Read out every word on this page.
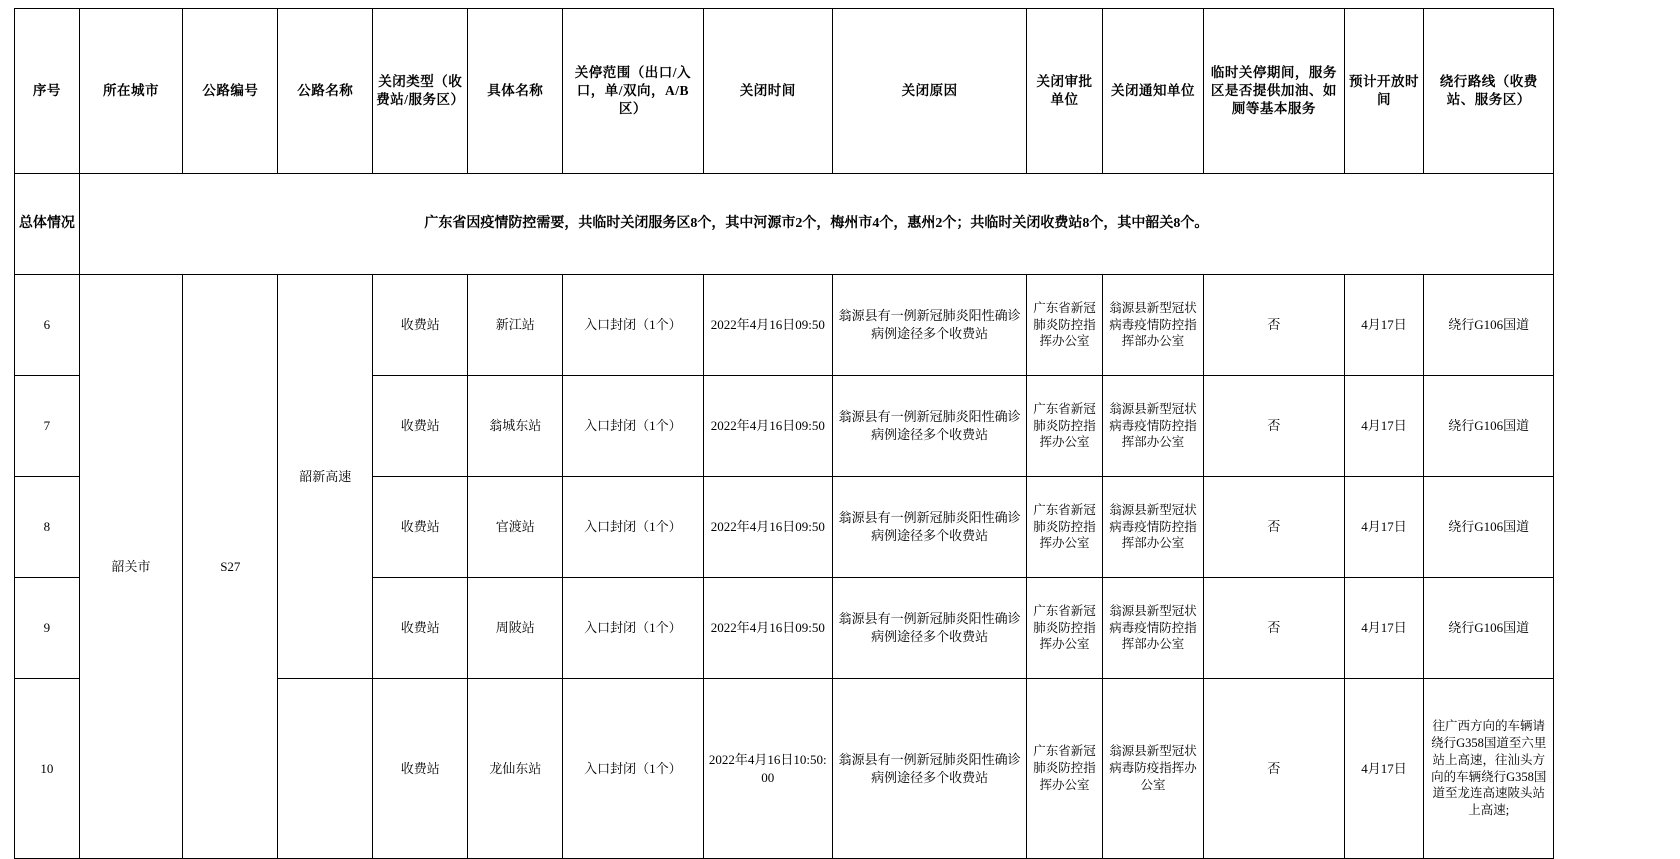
序号	所在城市	公路编号	公路名称	关闭类型（收费站/服务区）	具体名称	关停范围（出口/入口，单/双向，A/B区）	关闭时间	关闭原因	关闭审批单位	关闭通知单位	临时关停期间，服务区是否提供加油、如厕等基本服务	预计开放时间	绕行路线（收费站、服务区）
总体情况	广东省因疫情防控需要，共临时关闭服务区8个，其中河源市2个，梅州市4个，惠州2个；共临时关闭收费站8个，其中韶关8个。												
6	韶关市	S27	韶新高速	收费站	新江站	入口封闭（1个）	2022年4月16日09:50	翁源县有一例新冠肺炎阳性确诊病例途径多个收费站	广东省新冠肺炎防控指挥办公室	翁源县新型冠状病毒疫情防控指挥部办公室	否	4月17日	绕行G106国道
7				收费站	翁城东站	入口封闭（1个）	2022年4月16日09:50	翁源县有一例新冠肺炎阳性确诊病例途径多个收费站	广东省新冠肺炎防控指挥办公室	翁源县新型冠状病毒疫情防控指挥部办公室	否	4月17日	绕行G106国道
8				收费站	官渡站	入口封闭（1个）	2022年4月16日09:50	翁源县有一例新冠肺炎阳性确诊病例途径多个收费站	广东省新冠肺炎防控指挥办公室	翁源县新型冠状病毒疫情防控指挥部办公室	否	4月17日	绕行G106国道
9				收费站	周陂站	入口封闭（1个）	2022年4月16日09:50	翁源县有一例新冠肺炎阳性确诊病例途径多个收费站	广东省新冠肺炎防控指挥办公室	翁源县新型冠状病毒疫情防控指挥部办公室	否	4月17日	绕行G106国道
10				收费站	龙仙东站	入口封闭（1个）	2022年4月16日10:50:00	翁源县有一例新冠肺炎阳性确诊病例途径多个收费站	广东省新冠肺炎防控指挥办公室	翁源县新型冠状病毒防疫指挥办公室	否	4月17日	往广西方向的车辆请绕行G358国道至六里站上高速，往汕头方向的车辆绕行G358国道至龙连高速陂头站上高速;
